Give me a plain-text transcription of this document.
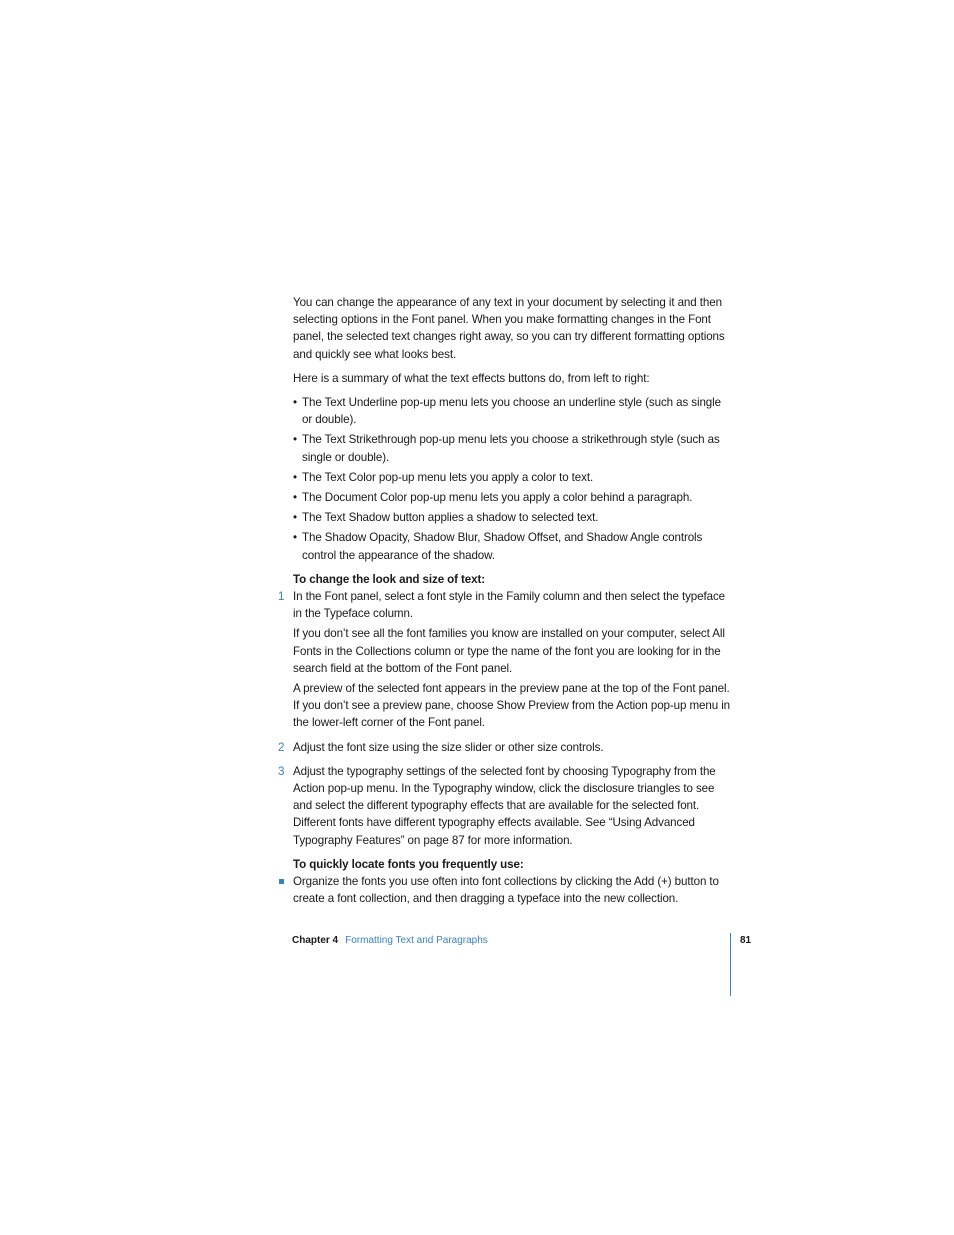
You can change the appearance of any text in your document by selecting it and then selecting options in the Font panel. When you make formatting changes in the Font panel, the selected text changes right away, so you can try different formatting options and quickly see what looks best.

Here is a summary of what the text effects buttons do, from left to right:

• The Text Underline pop-up menu lets you choose an underline style (such as single or double).
• The Text Strikethrough pop-up menu lets you choose a strikethrough style (such as single or double).
• The Text Color pop-up menu lets you apply a color to text.
• The Document Color pop-up menu lets you apply a color behind a paragraph.
• The Text Shadow button applies a shadow to selected text.
• The Shadow Opacity, Shadow Blur, Shadow Offset, and Shadow Angle controls control the appearance of the shadow.

To change the look and size of text:

1 In the Font panel, select a font style in the Family column and then select the typeface in the Typeface column.

If you don’t see all the font families you know are installed on your computer, select All Fonts in the Collections column or type the name of the font you are looking for in the search field at the bottom of the Font panel.

A preview of the selected font appears in the preview pane at the top of the Font panel. If you don’t see a preview pane, choose Show Preview from the Action pop-up menu in the lower-left corner of the Font panel.

2 Adjust the font size using the size slider or other size controls.
3 Adjust the typography settings of the selected font by choosing Typography from the Action pop-up menu. In the Typography window, click the disclosure triangles to see and select the different typography effects that are available for the selected font. Different fonts have different typography effects available. See “Using Advanced Typography Features” on page 87 for more information.

To quickly locate fonts you frequently use:

Organize the fonts you use often into font collections by clicking the Add (+) button to create a font collection, and then dragging a typeface into the new collection.
Chapter 4 Formatting Text and Paragraphs	81
